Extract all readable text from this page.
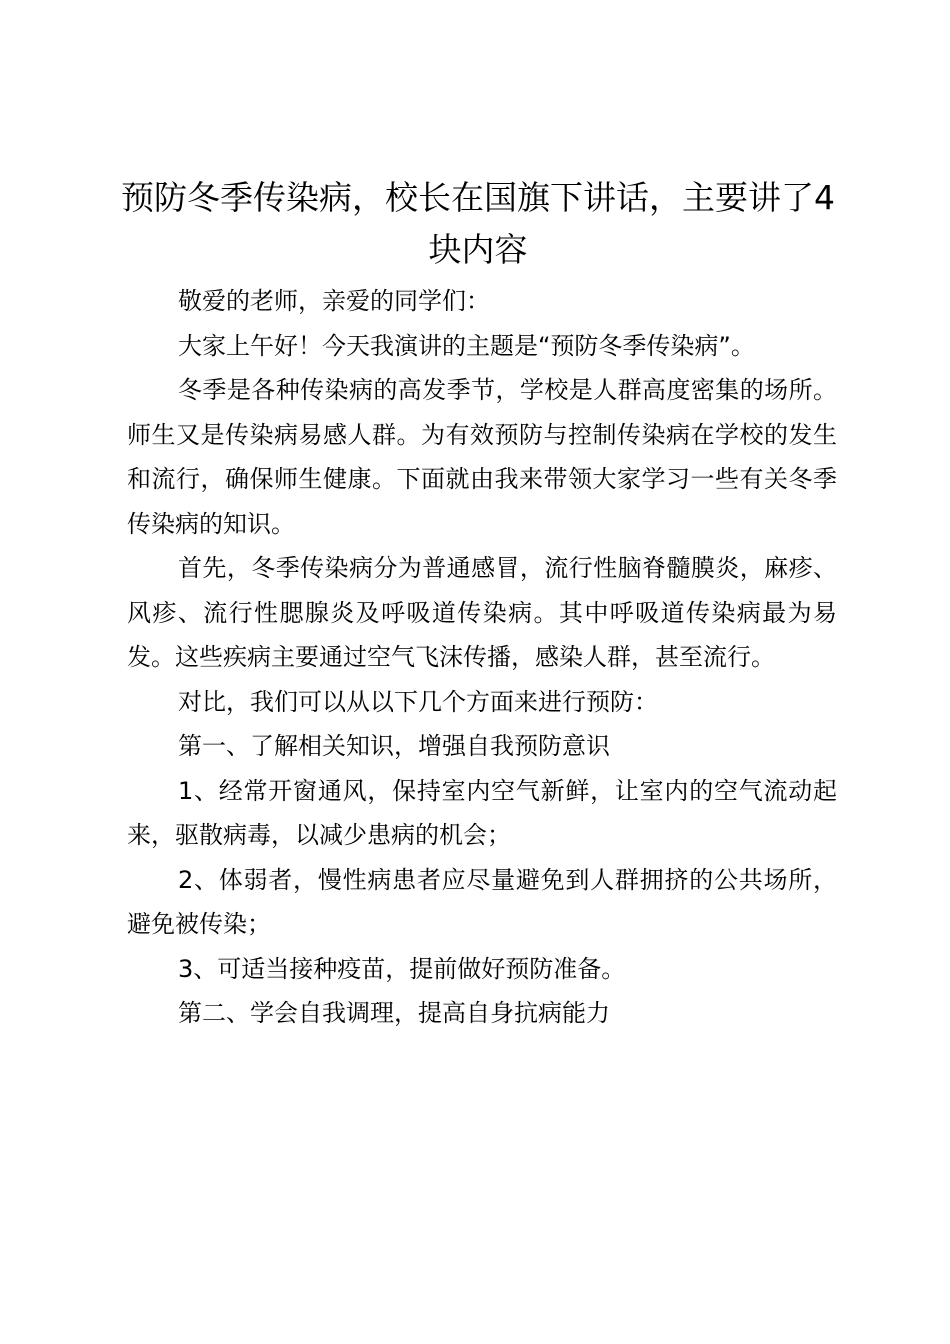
预防冬季传染病，校长在国旗下讲话，主要讲了4块内容

敬爱的老师，亲爱的同学们：

大家上午好！今天我演讲的主题是“预防冬季传染病”。

冬季是各种传染病的高发季节，学校是人群高度密集的场所。师生又是传染病易感人群。为有效预防与控制传染病在学校的发生和流行，确保师生健康。下面就由我来带领大家学习一些有关冬季传染病的知识。

首先，冬季传染病分为普通感冒，流行性脑脊髓膜炎，麻疹、风疹、流行性腮腺炎及呼吸道传染病。其中呼吸道传染病最为易发。这些疾病主要通过空气飞沫传播，感染人群，甚至流行。

对比，我们可以从以下几个方面来进行预防：

第一、了解相关知识，增强自我预防意识

1、经常开窗通风，保持室内空气新鲜，让室内的空气流动起来，驱散病毒，以减少患病的机会；

2、体弱者，慢性病患者应尽量避免到人群拥挤的公共场所，避免被传染；

3、可适当接种疫苗，提前做好预防准备。

第二、学会自我调理，提高自身抗病能力
